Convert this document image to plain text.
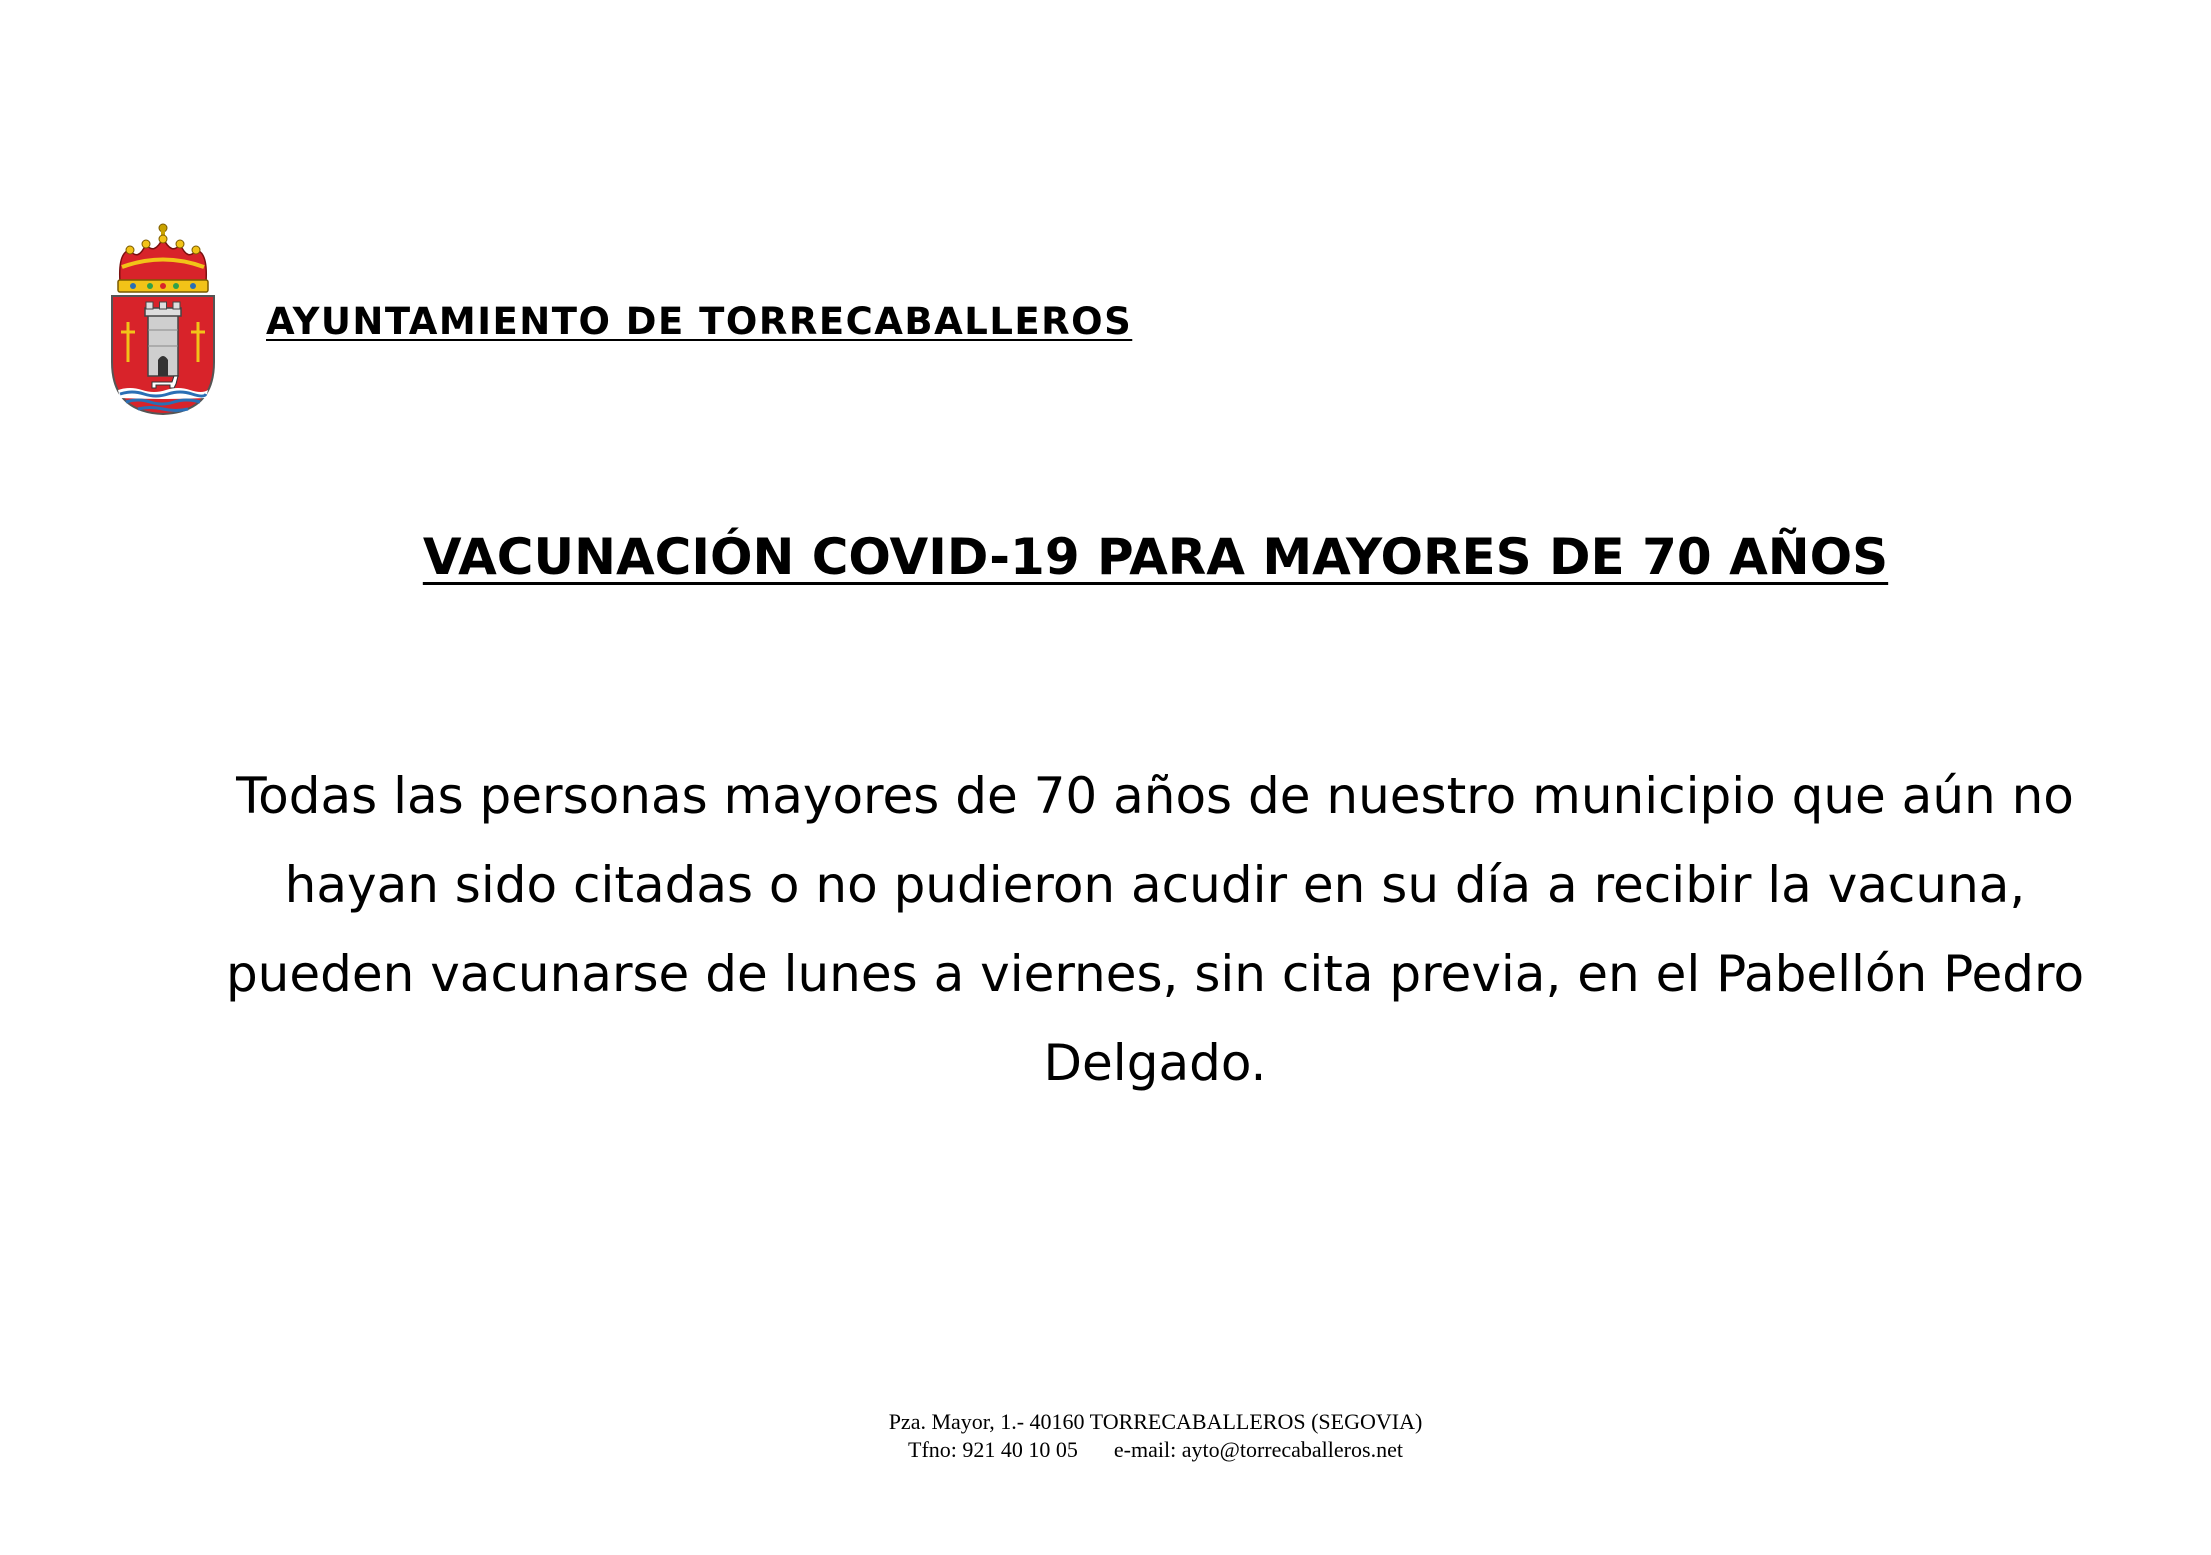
AYUNTAMIENTO DE TORRECABALLEROS
VACUNACIÓN COVID-19 PARA MAYORES DE 70 AÑOS
Todas las personas mayores de 70 años de nuestro municipio que aún no hayan sido citadas o no pudieron acudir en su día a recibir la vacuna, pueden vacunarse de lunes a viernes, sin cita previa, en el Pabellón Pedro Delgado.
Pza. Mayor, 1.- 40160 TORRECABALLEROS (SEGOVIA)
Tfno: 921 40 10 05 e-mail: ayto@torrecaballeros.net
